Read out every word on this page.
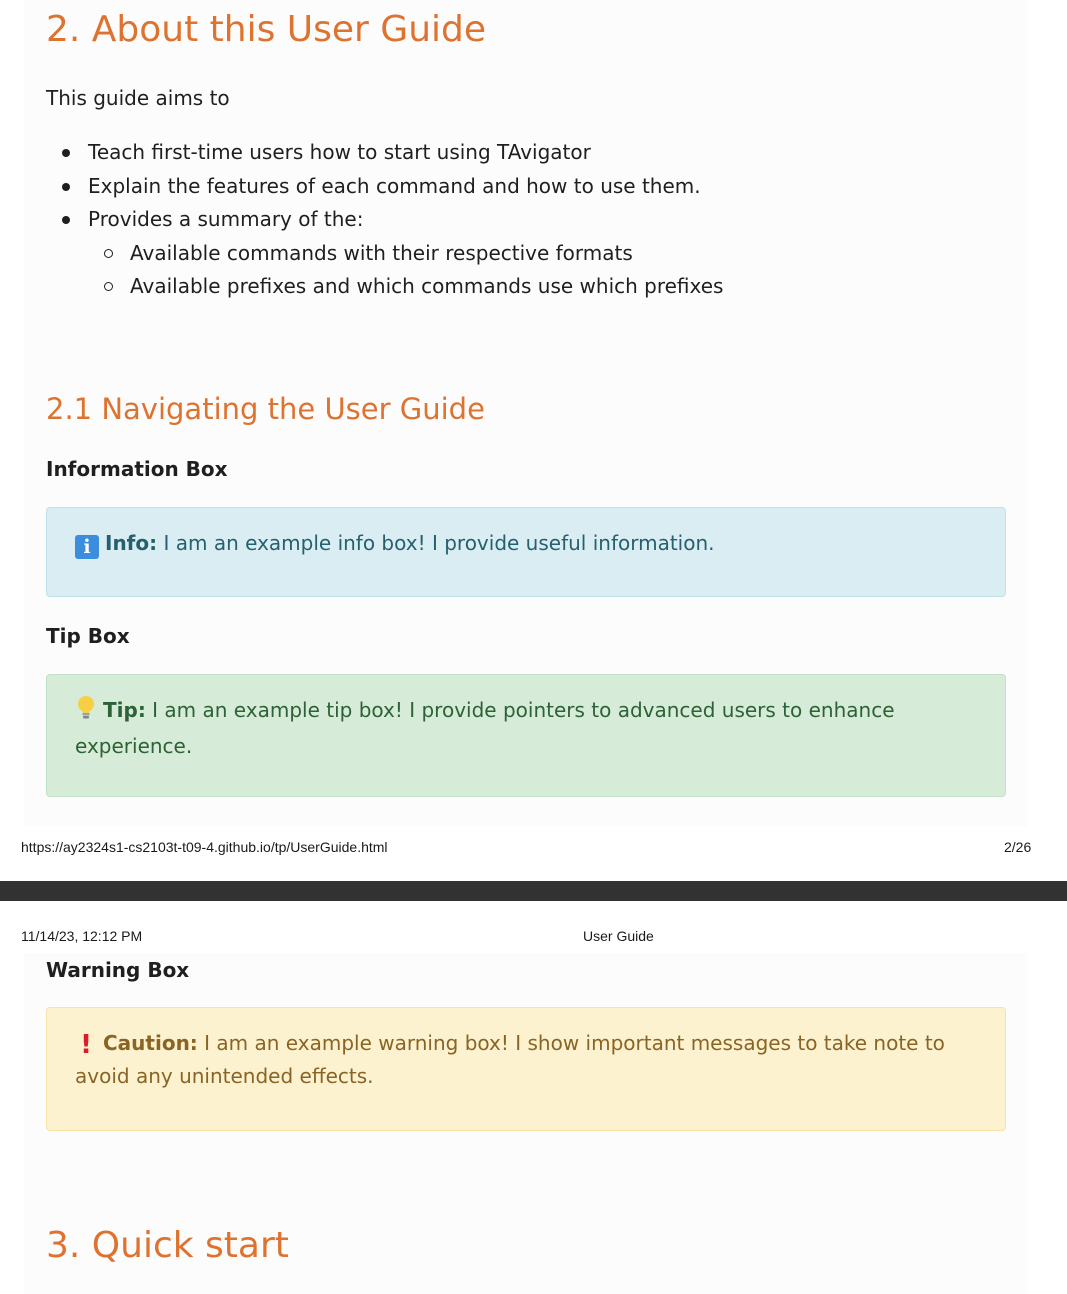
2. About this User Guide

This guide aims to

Teach first-time users how to start using TAvigator
Explain the features of each command and how to use them.
Provides a summary of the:
Available commands with their respective formats
Available prefixes and which commands use which prefixes
2.1 Navigating the User Guide
Information Box
i Info: I am an example info box! I provide useful information.
Tip Box
Tip: I am an example tip box! I provide pointers to advanced users to enhance experience.

https://ay2324s1-cs2103t-t09-4.github.io/tp/UserGuide.html	2/26

11/14/23, 12:12 PM	User Guide

Warning Box
! Caution: I am an example warning box! I show important messages to take note to avoid any unintended effects.
3. Quick start
